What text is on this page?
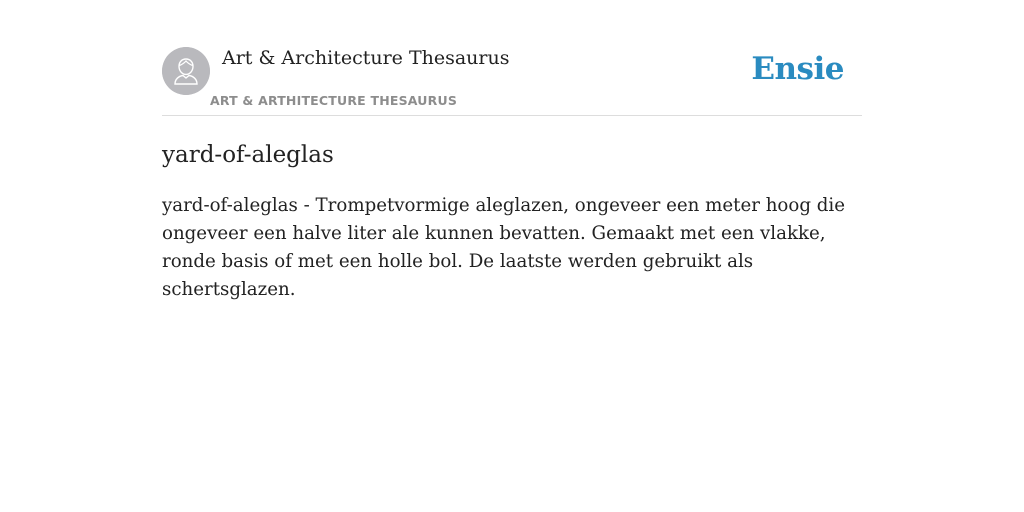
Art & Architecture Thesaurus
ART & ARTHITECTURE THESAURUS
Ensie
yard-of-aleglas

yard-of-aleglas - Trompetvormige aleglazen, ongeveer een meter hoog die ongeveer een halve liter ale kunnen bevatten. Gemaakt met een vlakke, ronde basis of met een holle bol. De laatste werden gebruikt als schertsglazen.
